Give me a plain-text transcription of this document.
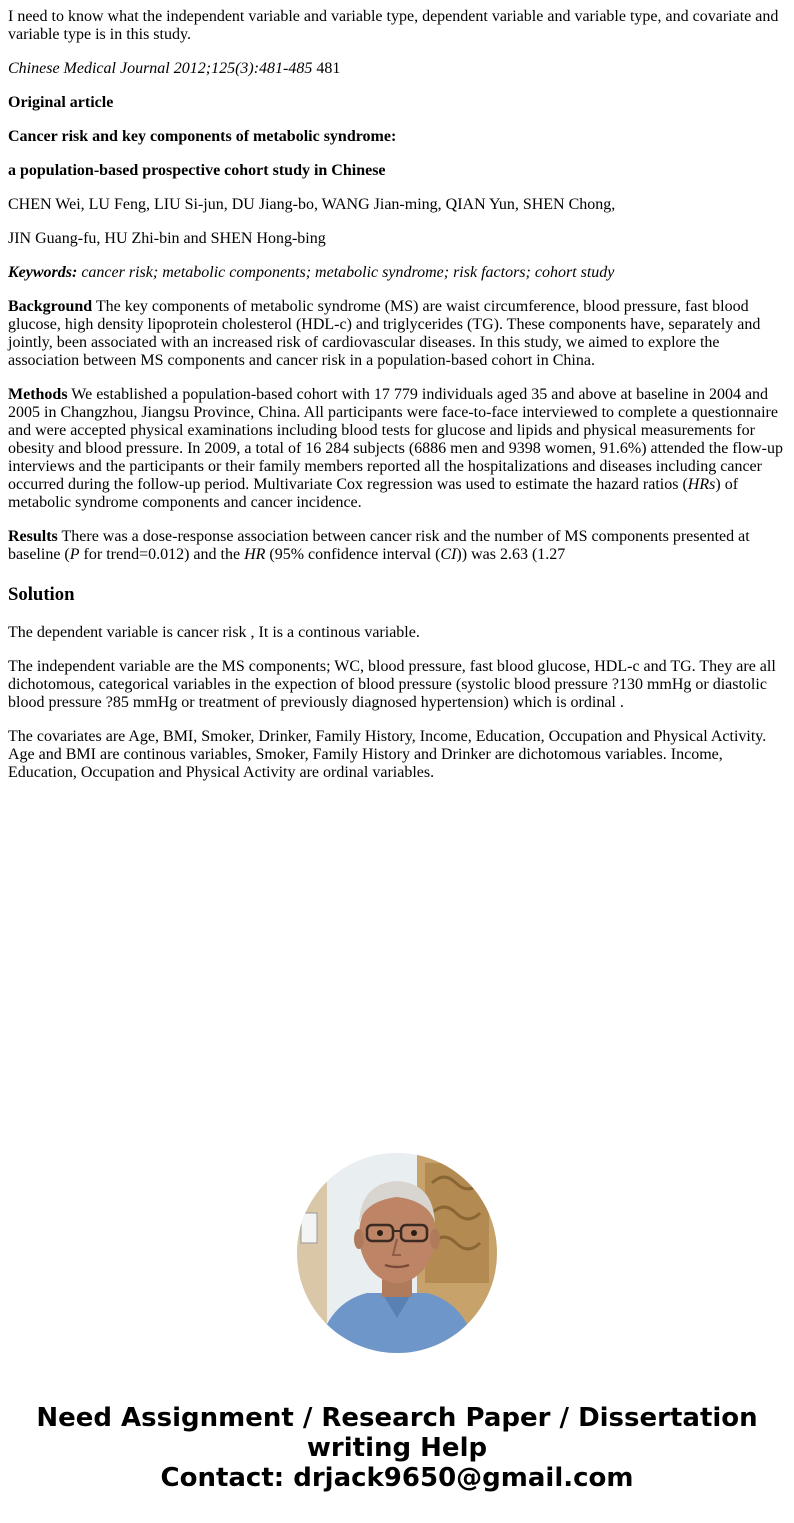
I need to know what the independent variable and variable type, dependent variable and variable type, and covariate and variable type is in this study.

Chinese Medical Journal 2012;125(3):481-485 481

Original article

Cancer risk and key components of metabolic syndrome:

a population-based prospective cohort study in Chinese

CHEN Wei, LU Feng, LIU Si-jun, DU Jiang-bo, WANG Jian-ming, QIAN Yun, SHEN Chong,

JIN Guang-fu, HU Zhi-bin and SHEN Hong-bing

Keywords: cancer risk; metabolic components; metabolic syndrome; risk factors; cohort study

Background The key components of metabolic syndrome (MS) are waist circumference, blood pressure, fast blood glucose, high density lipoprotein cholesterol (HDL-c) and triglycerides (TG). These components have, separately and jointly, been associated with an increased risk of cardiovascular diseases. In this study, we aimed to explore the association between MS components and cancer risk in a population-based cohort in China.

Methods We established a population-based cohort with 17 779 individuals aged 35 and above at baseline in 2004 and 2005 in Changzhou, Jiangsu Province, China. All participants were face-to-face interviewed to complete a questionnaire and were accepted physical examinations including blood tests for glucose and lipids and physical measurements for obesity and blood pressure. In 2009, a total of 16 284 subjects (6886 men and 9398 women, 91.6%) attended the flow-up interviews and the participants or their family members reported all the hospitalizations and diseases including cancer occurred during the follow-up period. Multivariate Cox regression was used to estimate the hazard ratios (HRs) of metabolic syndrome components and cancer incidence.

Results There was a dose-response association between cancer risk and the number of MS components presented at baseline (P for trend=0.012) and the HR (95% confidence interval (CI)) was 2.63 (1.27

Solution

The dependent variable is cancer risk , It is a continous variable.

The independent variable are the MS components; WC, blood pressure, fast blood glucose, HDL-c and TG. They are all dichotomous, categorical variables in the expection of blood pressure (systolic blood pressure ?130 mmHg or diastolic blood pressure ?85 mmHg or treatment of previously diagnosed hypertension) which is ordinal .

The covariates are Age, BMI, Smoker, Drinker, Family History, Income, Education, Occupation and Physical Activity. Age and BMI are continous variables, Smoker, Family History and Drinker are dichotomous variables. Income, Education, Occupation and Physical Activity are ordinal variables.

Need Assignment / Research Paper / Dissertation
writing Help
Contact: drjack9650@gmail.com
